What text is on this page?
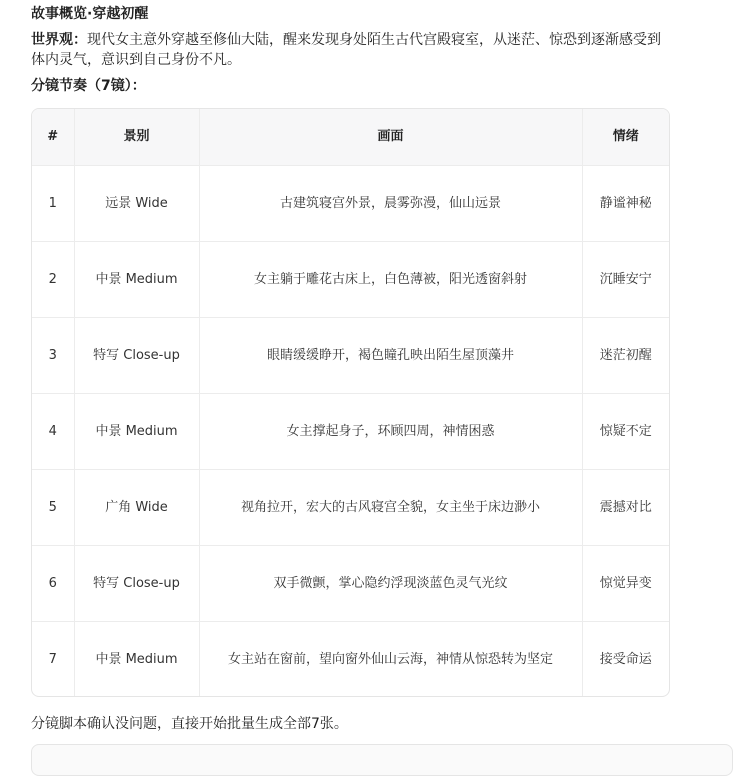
故事概览·穿越初醒
世界观：现代女主意外穿越至修仙大陆，醒来发现身处陌生古代宫殿寝室，从迷茫、惊恐到逐渐感受到体内灵气，意识到自己身份不凡。
分镜节奏（7镜）：
#	景别	画面	情绪
1	远景 Wide	古建筑寝宫外景，晨雾弥漫，仙山远景	静谧神秘
2	中景 Medium	女主躺于雕花古床上，白色薄被，阳光透窗斜射	沉睡安宁
3	特写 Close-up	眼睛缓缓睁开，褐色瞳孔映出陌生屋顶藻井	迷茫初醒
4	中景 Medium	女主撑起身子，环顾四周，神情困惑	惊疑不定
5	广角 Wide	视角拉开，宏大的古风寝宫全貌，女主坐于床边渺小	震撼对比
6	特写 Close-up	双手微颤，掌心隐约浮现淡蓝色灵气光纹	惊觉异变
7	中景 Medium	女主站在窗前，望向窗外仙山云海，神情从惊恐转为坚定	接受命运
分镜脚本确认没问题，直接开始批量生成全部7张。
